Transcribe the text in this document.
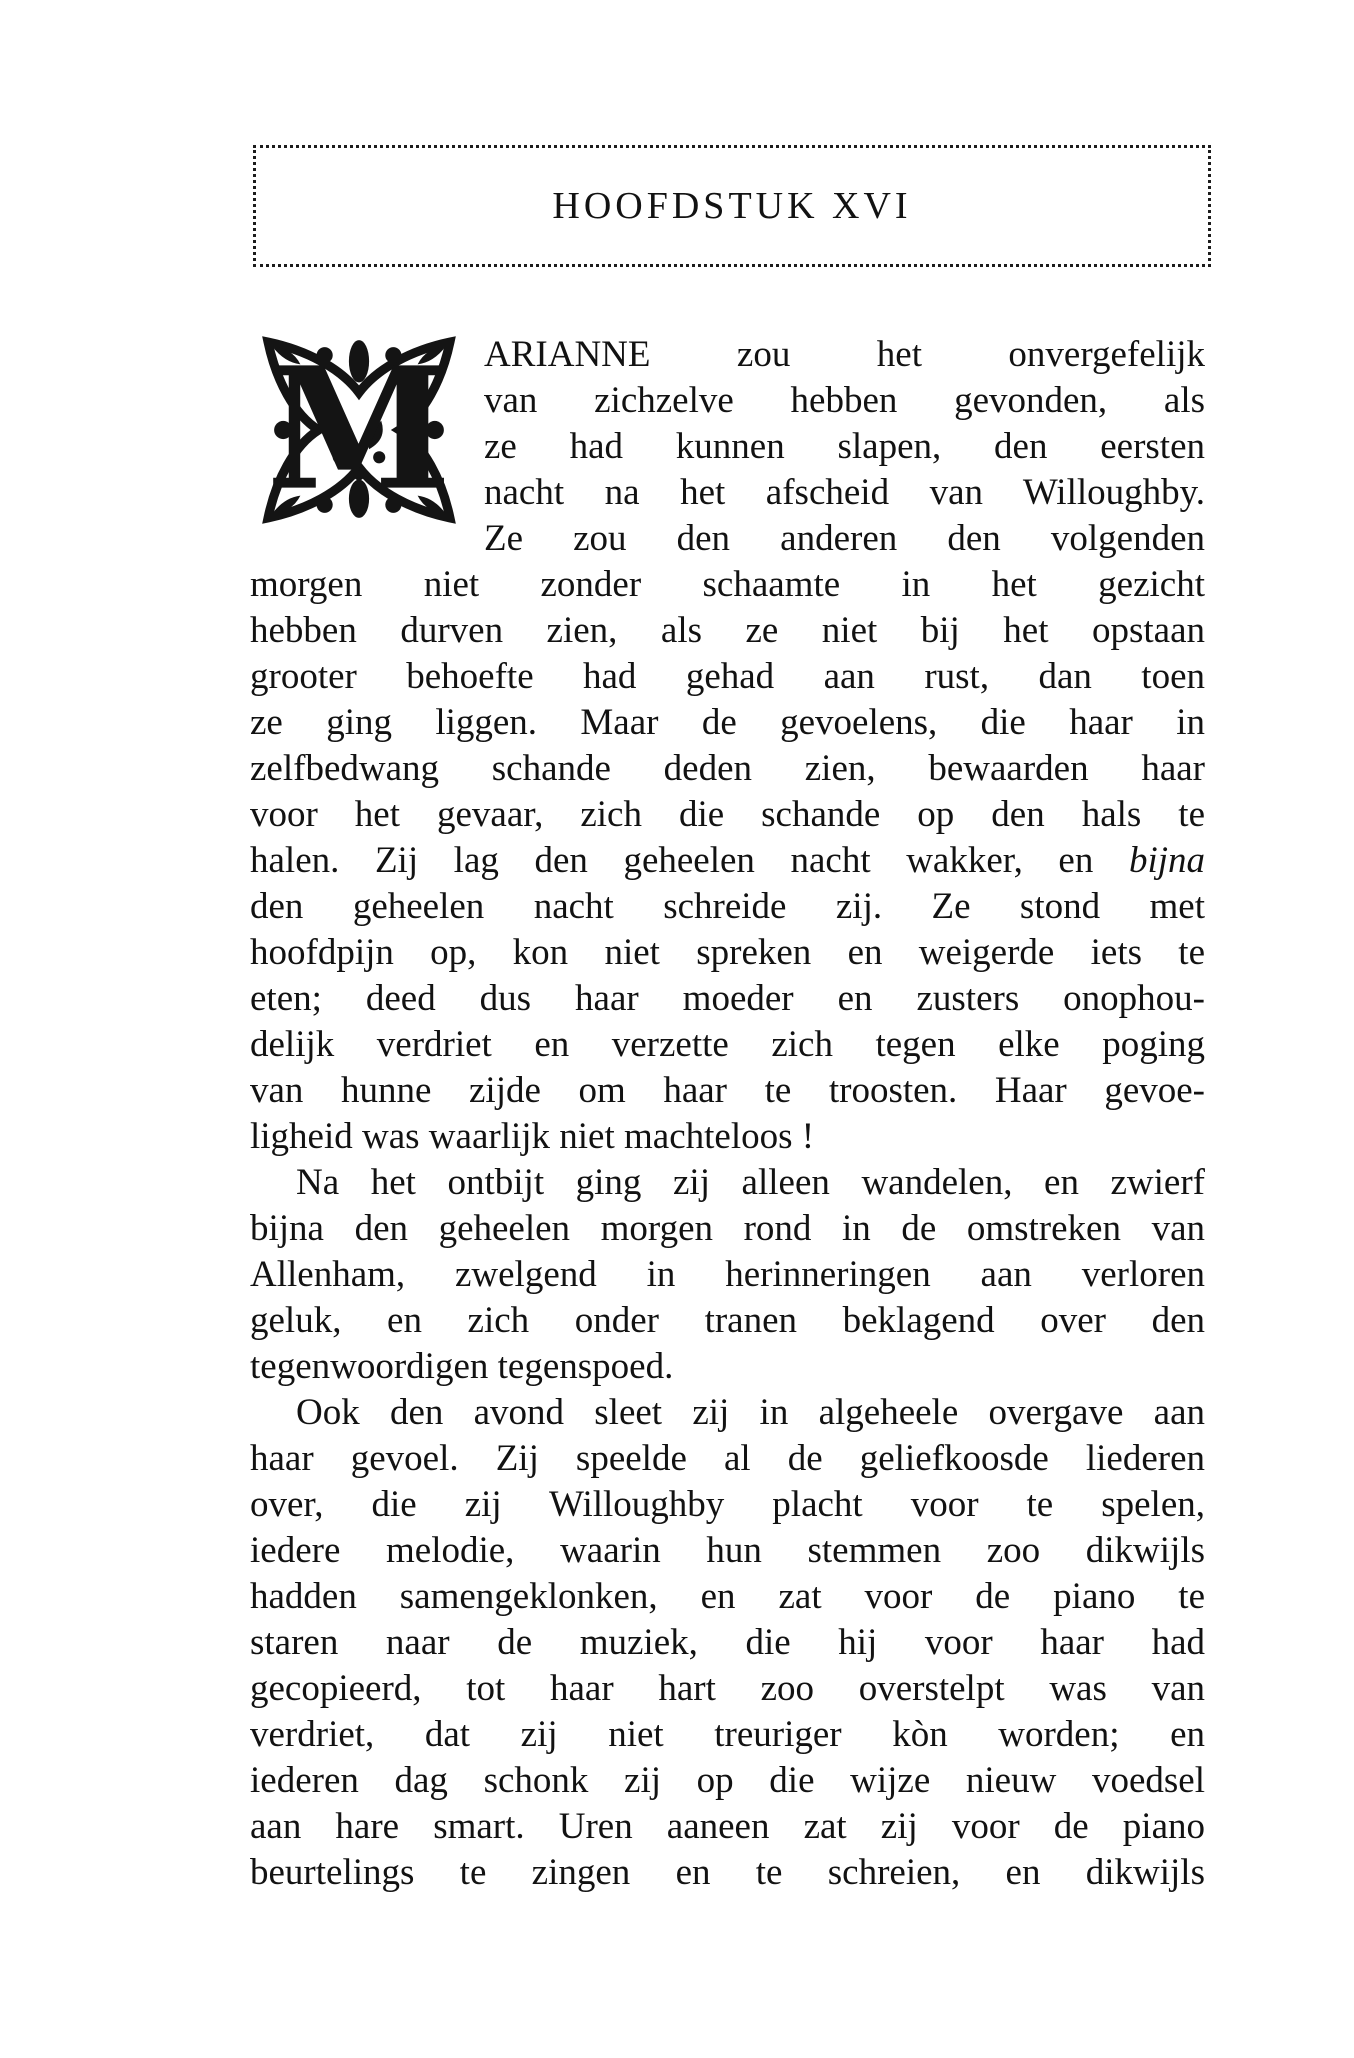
HOOFDSTUK XVI
M ARIANNE zou het onvergefelijk
van zichzelve hebben gevonden, als
ze had kunnen slapen, den eersten
nacht na het afscheid van Willoughby.
Ze zou den anderen den volgenden
morgen niet zonder schaamte in het gezicht
hebben durven zien, als ze niet bij het opstaan
grooter behoefte had gehad aan rust, dan toen
ze ging liggen. Maar de gevoelens, die haar in
zelfbedwang schande deden zien, bewaarden haar
voor het gevaar, zich die schande op den hals te
halen. Zij lag den geheelen nacht wakker, en bijna
den geheelen nacht schreide zij. Ze stond met
hoofdpijn op, kon niet spreken en weigerde iets te
eten; deed dus haar moeder en zusters onophou-
delijk verdriet en verzette zich tegen elke poging
van hunne zijde om haar te troosten. Haar gevoe-
ligheid was waarlijk niet machteloos !
Na het ontbijt ging zij alleen wandelen, en zwierf
bijna den geheelen morgen rond in de omstreken van
Allenham, zwelgend in herinneringen aan verloren
geluk, en zich onder tranen beklagend over den
tegenwoordigen tegenspoed.
Ook den avond sleet zij in algeheele overgave aan
haar gevoel. Zij speelde al de geliefkoosde liederen
over, die zij Willoughby placht voor te spelen,
iedere melodie, waarin hun stemmen zoo dikwijls
hadden samengeklonken, en zat voor de piano te
staren naar de muziek, die hij voor haar had
gecopieerd, tot haar hart zoo overstelpt was van
verdriet, dat zij niet treuriger kòn worden; en
iederen dag schonk zij op die wijze nieuw voedsel
aan hare smart. Uren aaneen zat zij voor de piano
beurtelings te zingen en te schreien, en dikwijls
